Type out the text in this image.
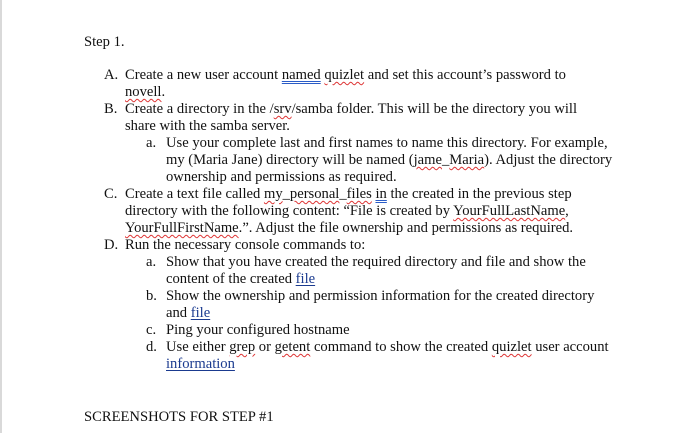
Step 1.
A. Create a new user account named quizlet and set this account’s password to novell.
B. Create a directory in the /srv/samba folder. This will be the directory you will share with the samba server.
a. Use your complete last and first names to name this directory. For example, my (Maria Jane) directory will be named (jame_Maria). Adjust the directory ownership and permissions as required.
C. Create a text file called my_personal_files in the created in the previous step directory with the following content: “File is created by YourFullLastName, YourFullFirstName.”. Adjust the file ownership and permissions as required.
D. Run the necessary console commands to:
a. Show that you have created the required directory and file and show the content of the created file
b. Show the ownership and permission information for the created directory and file
c. Ping your configured hostname
d. Use either grep or getent command to show the created quizlet user account information
SCREENSHOTS FOR STEP #1
